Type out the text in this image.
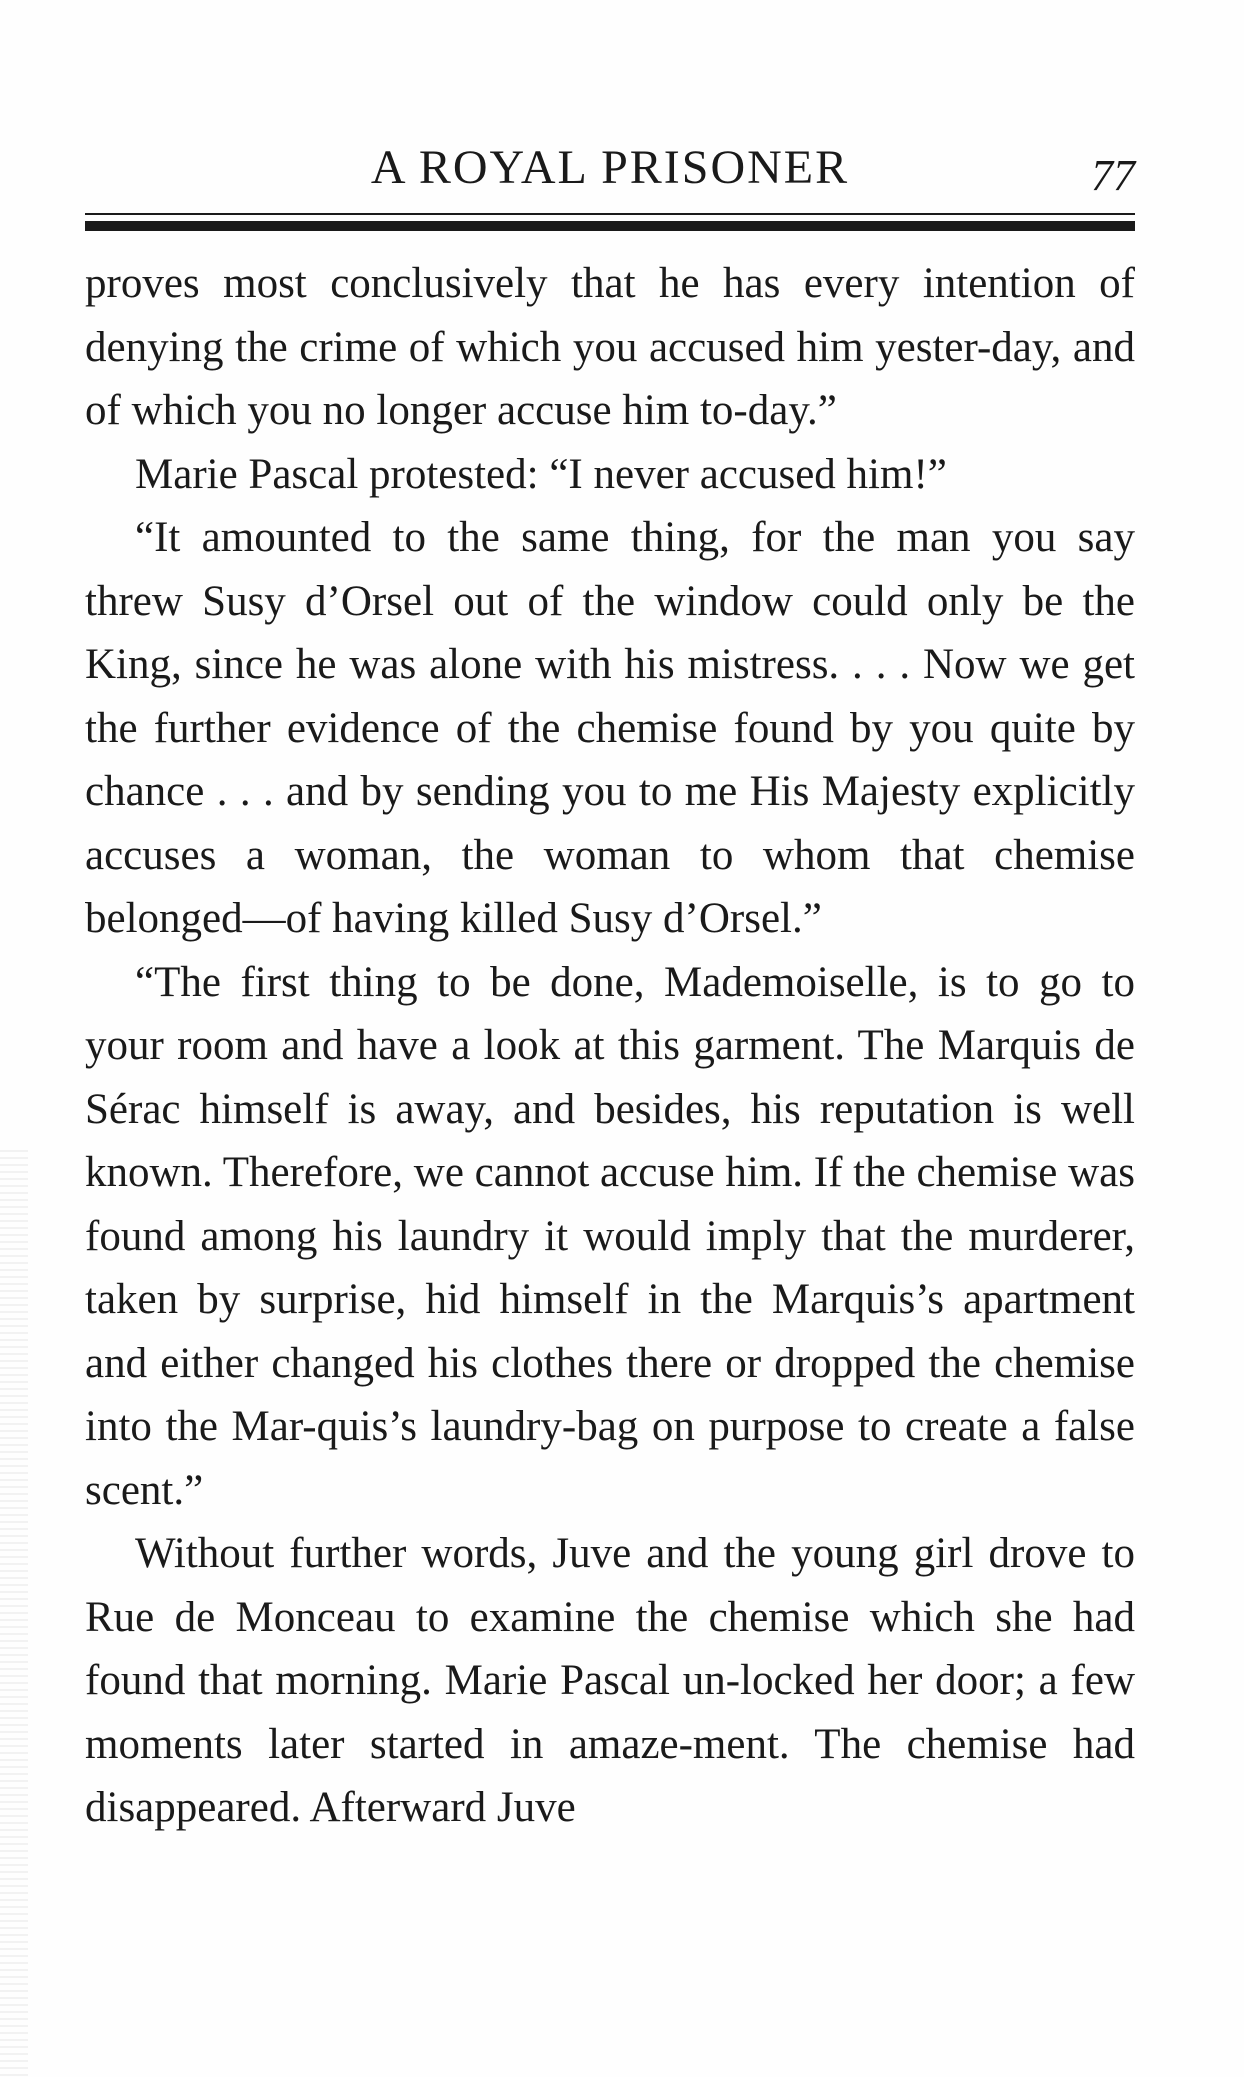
A ROYAL PRISONER	77

proves most conclusively that he has every intention of denying the crime of which you accused him yester-day, and of which you no longer accuse him to-day.”

Marie Pascal protested: “I never accused him!”

“It amounted to the same thing, for the man you say threw Susy d’Orsel out of the window could only be the King, since he was alone with his mistress. . . . Now we get the further evidence of the chemise found by you quite by chance . . . and by sending you to me His Majesty explicitly accuses a woman, the woman to whom that chemise belonged—of having killed Susy d’Orsel.”

“The first thing to be done, Mademoiselle, is to go to your room and have a look at this garment. The Marquis de Sérac himself is away, and besides, his reputation is well known. Therefore, we cannot accuse him. If the chemise was found among his laundry it would imply that the murderer, taken by surprise, hid himself in the Marquis’s apartment and either changed his clothes there or dropped the chemise into the Mar-quis’s laundry-bag on purpose to create a false scent.”

Without further words, Juve and the young girl drove to Rue de Monceau to examine the chemise which she had found that morning. Marie Pascal un-locked her door; a few moments later started in amaze-ment. The chemise had disappeared. Afterward Juve
